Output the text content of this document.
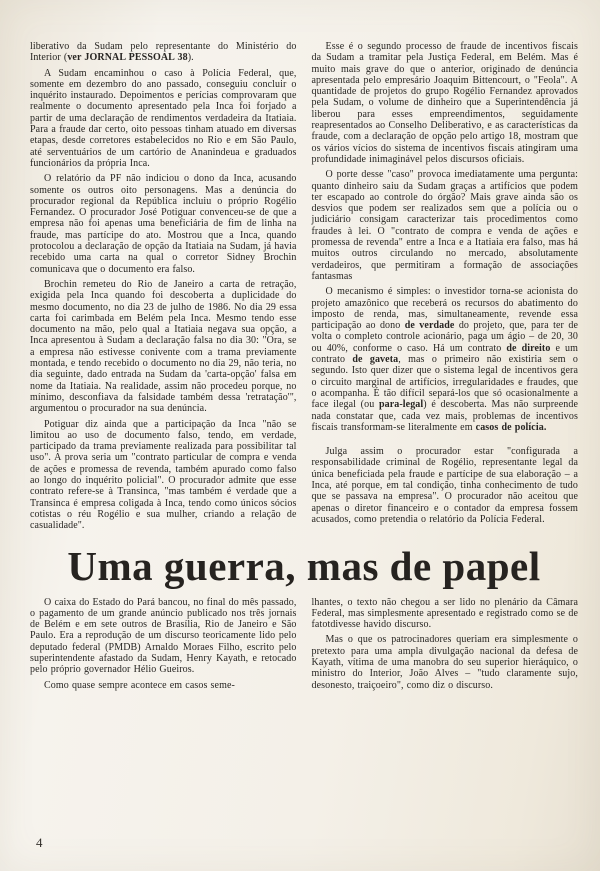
liberativo da Sudam pelo representante do Ministério do Interior (ver JORNAL PESSOAL 38).

A Sudam encaminhou o caso à Polícia Federal, que, somente em dezembro do ano passado, conseguiu concluir o inquérito instaurado. Depoimentos e perícias comprovaram que realmente o documento apresentado pela Inca foi forjado a partir de uma declaração de rendimentos verdadeira da Itatiaia. Para a fraude dar certo, oito pessoas tinham atuado em diversas etapas, desde corretores estabelecidos no Rio e em São Paulo, até serventuários de um cartório de Ananindeua e graduados funcionários da própria Inca.

O relatório da PF não indiciou o dono da Inca, acusando somente os outros oito personagens. Mas a denúncia do procurador regional da República incluiu o próprio Rogélio Fernandez. O procurador José Potiguar convenceu-se de que a empresa não foi apenas uma beneficiária de fim de linha na fraude, mas partícipe do ato. Mostrou que a Inca, quando protocolou a declaração de opção da Itatiaia na Sudam, já havia recebido uma carta na qual o corretor Sidney Brochin comunicava que o documento era falso.

Brochin remeteu do Rio de Janeiro a carta de retração, exigida pela Inca quando foi descoberta a duplicidade do mesmo documento, no dia 23 de julho de 1986. No dia 29 essa carta foi carimbada em Belém pela Inca. Mesmo tendo esse documento na mão, pelo qual a Itatiaia negava sua opção, a Inca apresentou à Sudam a declaração falsa no dia 30: "Ora, se a empresa não estivesse conivente com a trama previamente montada, e tendo recebido o documento no dia 29, não teria, no dia seguinte, dado entrada na Sudam da 'carta-opção' falsa em nome da Itatiaia. Na realidade, assim não procedeu porque, no mínimo, desconfiava da falsidade também dessa 'retratação'", argumentou o procurador na sua denúncia.

Potiguar diz ainda que a participação da Inca "não se limitou ao uso de documento falso, tendo, em verdade, participado da trama previamente realizada para possibilitar tal uso". A prova seria um "contrato particular de compra e venda de ações e promessa de revenda, também apurado como falso ao longo do inquérito policial". O procurador admite que esse contrato refere-se à Transinca, "mas também é verdade que a Transinca é empresa coligada à Inca, tendo como únicos sócios cotistas o réu Rogélio e sua mulher, criando a relação de casualidade".

Esse é o segundo processo de fraude de incentivos fiscais da Sudam a tramitar pela Justiça Federal, em Belém. Mas é muito mais grave do que o anterior, originado de denúncia apresentada pelo empresário Joaquim Bittencourt, o "Feola". A quantidade de projetos do grupo Rogélio Fernandez aprovados pela Sudam, o volume de dinheiro que a Superintendência já liberou para esses empreendimentos, seguidamente reapresentados ao Conselho Deliberativo, e as características da fraude, com a declaração de opção pelo artigo 18, mostram que os vários vícios do sistema de incentivos fiscais atingiram uma profundidade inimaginável pelos discursos oficiais.

O porte desse "caso" provoca imediatamente uma pergunta: quanto dinheiro saiu da Sudam graças a artifícios que podem ter escapado ao controle do órgão? Mais grave ainda são os desvios que podem ser realizados sem que a polícia ou o judiciário consigam caracterizar tais procedimentos como fraudes à lei. O "contrato de compra e venda de ações e promessa de revenda" entre a Inca e a Itatiaia era falso, mas há muitos outros circulando no mercado, absolutamente verdadeiros, que permitiram a formação de associações fantasmas

O mecanismo é simples: o investidor torna-se acionista do projeto amazônico que receberá os recursos do abatimento do imposto de renda, mas, simultaneamente, revende essa participação ao dono de verdade do projeto, que, para ter de volta o completo controle acionário, paga um ágio – de 20, 30 ou 40%, conforme o caso. Há um contrato de direito e um contrato de gaveta, mas o primeiro não existiria sem o segundo. Isto quer dizer que o sistema legal de incentivos gera o circuito marginal de artifícios, irregularidades e fraudes, que o acompanha. É tão difícil separá-los que só ocasionalmente a face ilegal (ou para-legal) é descoberta. Mas não surpreende nada constatar que, cada vez mais, problemas de incentivos fiscais transformam-se literalmente em casos de polícia.

Julga assim o procurador estar "configurada a responsabilidade criminal de Rogélio, representante legal da única beneficiada pela fraude e partícipe de sua elaboração – a Inca, até porque, em tal condição, tinha conhecimento de tudo que se passava na empresa". O procurador não aceitou que apenas o diretor financeiro e o contador da empresa fossem acusados, como pretendia o relatório da Polícia Federal.

Uma guerra, mas de papel

O caixa do Estado do Pará bancou, no final do mês passado, o pagamento de um grande anúncio publicado nos três jornais de Belém e em sete outros de Brasília, Rio de Janeiro e São Paulo. Era a reprodução de um discurso teoricamente lido pelo deputado federal (PMDB) Arnaldo Moraes Filho, escrito pelo superintendente afastado da Sudam, Henry Kayath, e retocado pelo próprio governador Hélio Gueiros.

Como quase sempre acontece em casos seme-

lhantes, o texto não chegou a ser lido no plenário da Câmara Federal, mas simplesmente apresentado e registrado como se de fatotdivesse havido discurso.

Mas o que os patrocinadores queriam era simplesmente o pretexto para uma ampla divulgação nacional da defesa de Kayath, vítima de uma manobra do seu superior hieráquico, o ministro do Interior, João Alves – "tudo claramente sujo, desonesto, traiçoeiro", como diz o discurso.

4
